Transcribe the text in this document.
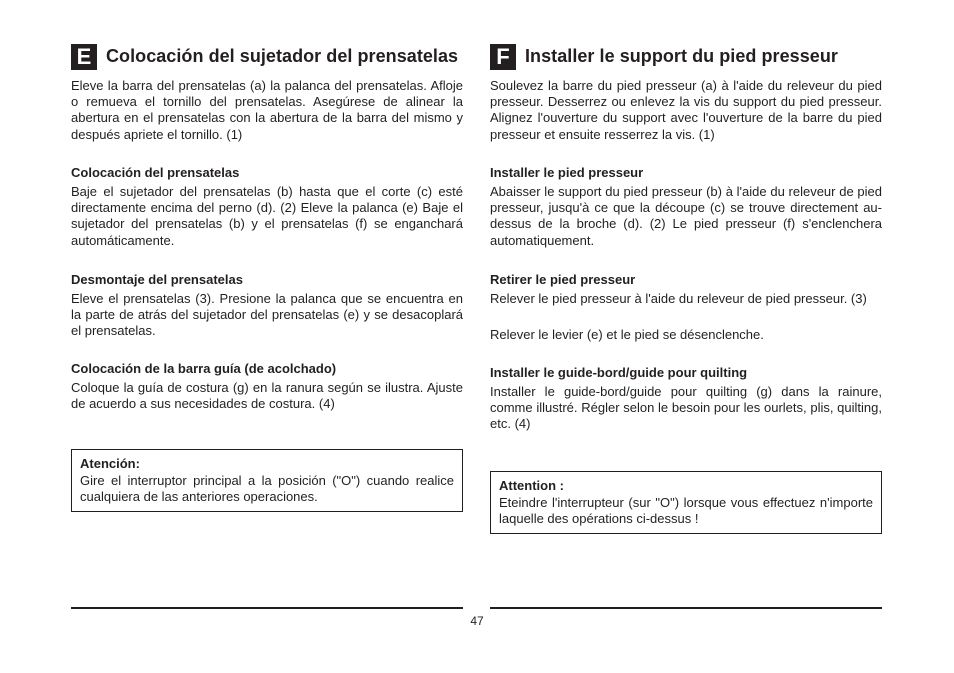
E Colocación del sujetador del prensatelas

Eleve la barra del prensatelas (a) la palanca del prensatelas. Afloje o remueva el tornillo del prensatelas. Asegúrese de alinear la abertura en el prensatelas con la abertura de la barra del mismo y después apriete el tornillo. (1)

Colocación del prensatelas

Baje el sujetador del prensatelas (b) hasta que el corte (c) esté directamente encima del perno (d). (2) Eleve la palanca (e) Baje el sujetador del prensatelas (b) y el prensatelas (f) se enganchará automáticamente.

Desmontaje del prensatelas

Eleve el prensatelas (3). Presione la palanca que se encuentra en la parte de atrás del sujetador del prensatelas (e) y se desacoplará el prensatelas.

Colocación de la barra guía (de acolchado)

Coloque la guía de costura (g) en la ranura según se ilustra. Ajuste de acuerdo a sus necesidades de costura. (4)

Atención:
Gire el interruptor principal a la posición ("O") cuando realice cualquiera de las anteriores operaciones.
F Installer le support du pied presseur

Soulevez la barre du pied presseur (a) à l'aide du releveur du pied presseur. Desserrez ou enlevez la vis du support du pied presseur. Alignez l'ouverture du support avec l'ouverture de la barre du pied presseur et ensuite resserrez la vis. (1)

Installer le pied presseur

Abaisser le support du pied presseur (b) à l'aide du releveur de pied presseur, jusqu'à ce que la découpe (c) se trouve directement au-dessus de la broche (d). (2) Le pied presseur (f) s'enclenchera automatiquement.

Retirer le pied presseur

Relever le pied presseur à l'aide du releveur de pied presseur. (3)

Relever le levier (e) et le pied se désenclenche.

Installer le guide-bord/guide pour quilting

Installer le guide-bord/guide pour quilting (g) dans la rainure, comme illustré. Régler selon le besoin pour les ourlets, plis, quilting, etc. (4)

Attention :
Eteindre l'interrupteur (sur "O") lorsque vous effectuez n'importe laquelle des opérations ci-dessus !
47
